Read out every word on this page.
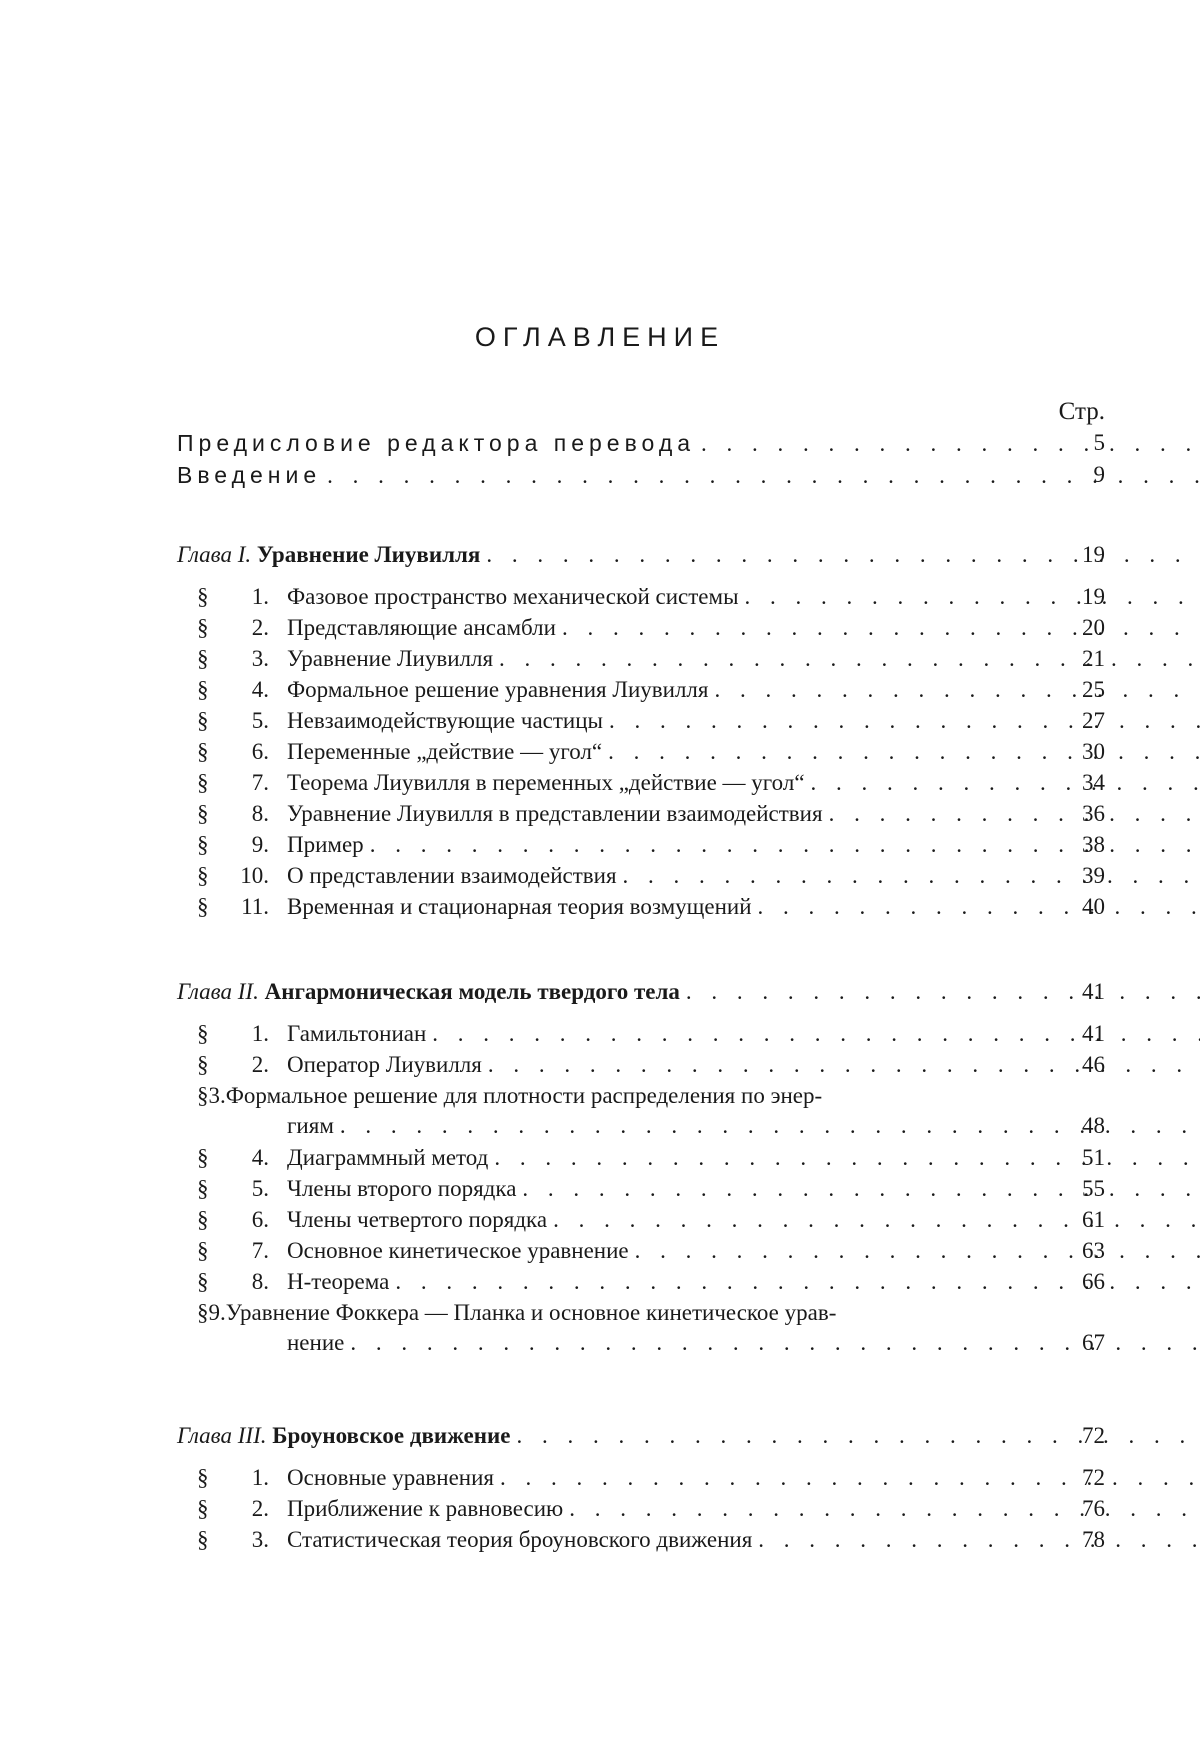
ОГЛАВЛЕНИЕ
Стр.
Предисловие редактора перевода . . .	5
Введение . . .	9
Глава I. Уравнение Лиувилля . . .	19
§ 1. Фазовое пространство механической системы . . .	19
§ 2. Представляющие ансамбли . . .	20
§ 3. Уравнение Лиувилля . . .	21
§ 4. Формальное решение уравнения Лиувилля . . .	25
§ 5. Невзаимодействующие частицы . . .	27
§ 6. Переменные „действие — угол“ . . .	30
§ 7. Теорема Лиувилля в переменных „действие — угол“ . . .	34
§ 8. Уравнение Лиувилля в представлении взаимодействия . . .	36
§ 9. Пример . . .	38
§ 10. О представлении взаимодействия . . .	39
§ 11. Временная и стационарная теория возмущений . . .	40
Глава II. Ангармоническая модель твердого тела . . .	41
§ 1. Гамильтониан . . .	41
§ 2. Оператор Лиувилля . . .	46
§3.Формальное решение для плотности распределения по энер-
гиям . . .	48
§ 4. Диаграммный метод . . .	51
§ 5. Члены второго порядка . . .	55
§ 6. Члены четвертого порядка . . .	61
§ 7. Основное кинетическое уравнение . . .	63
§ 8. H-теорема . . .	66
§9.Уравнение Фоккера — Планка и основное кинетическое урав-
нение . . .	67
Глава III. Броуновское движение . . .	72
§ 1. Основные уравнения . . .	72
§ 2. Приближение к равновесию . . .	76
§ 3. Статистическая теория броуновского движения . . .	78
